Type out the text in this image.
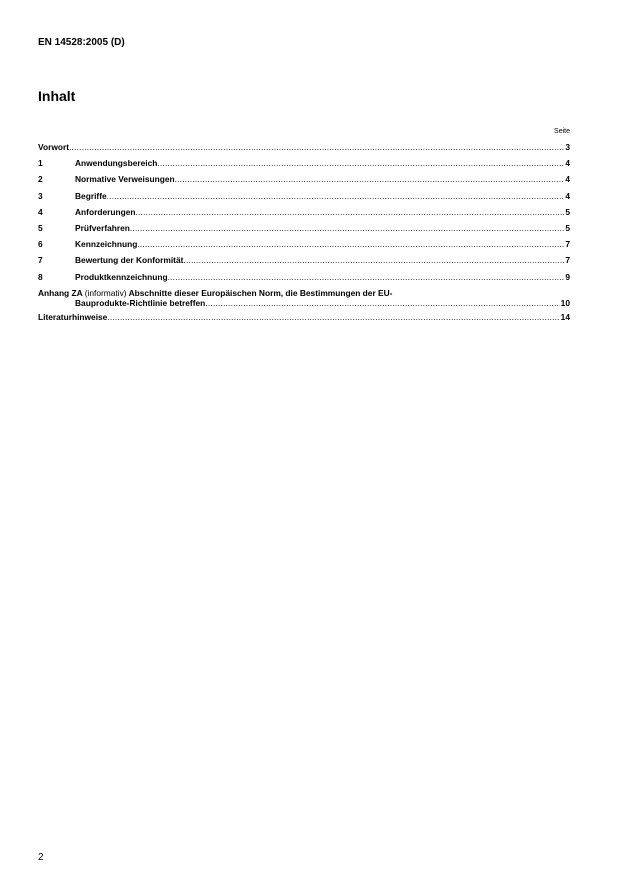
EN 14528:2005 (D)
Inhalt
Seite
Vorwort .....	3
1	Anwendungsbereich .....	4
2	Normative Verweisungen .....	4
3	Begriffe .....	4
4	Anforderungen .....	5
5	Prüfverfahren .....	5
6	Kennzeichnung .....	7
7	Bewertung der Konformität .....	7
8	Produktkennzeichnung .....	9
Anhang ZA (informativ) Abschnitte dieser Europäischen Norm, die Bestimmungen der EU-
Bauprodukte-Richtlinie betreffen .....	10
Literaturhinweise .....	14
2
